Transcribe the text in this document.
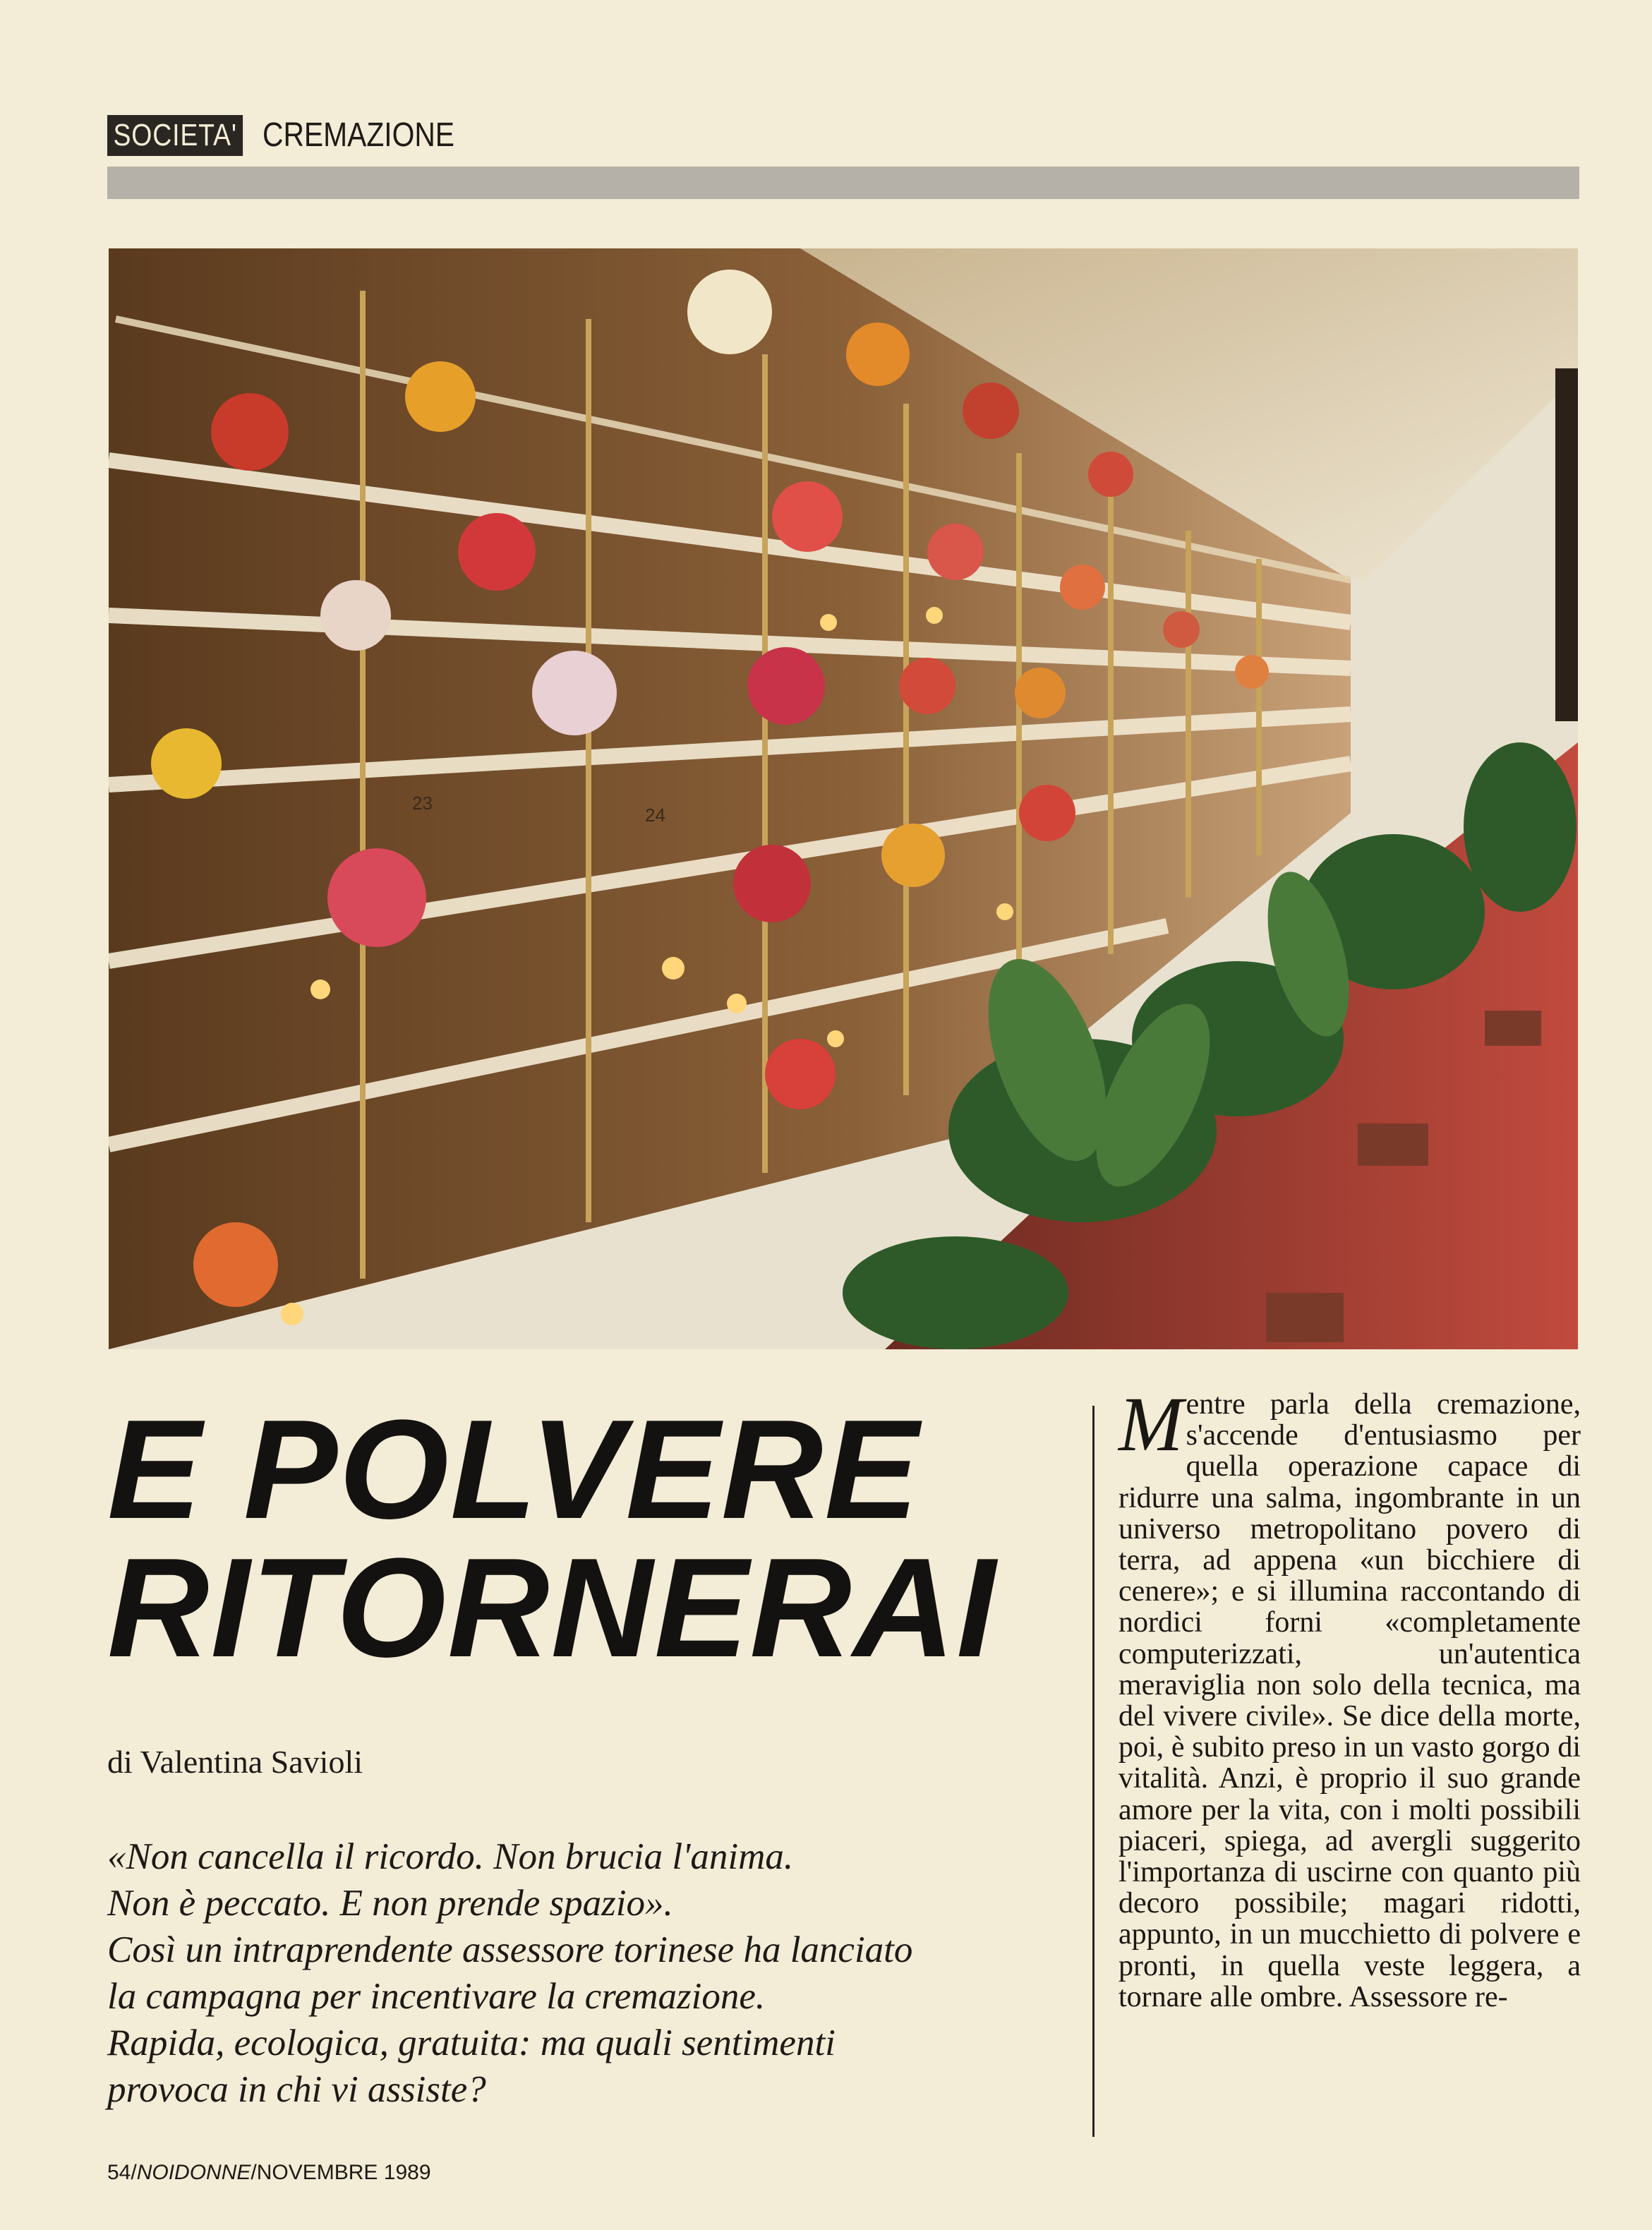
SOCIETA' CREMAZIONE
23
24
E POLVERE
RITORNERAI
di Valentina Savioli
«Non cancella il ricordo. Non brucia l'anima.
Non è peccato. E non prende spazio».
Così un intraprendente assessore torinese ha lanciato
la campagna per incentivare la cremazione.
Rapida, ecologica, gratuita: ma quali sentimenti
provoca in chi vi assiste?
Mentre parla della cremazione, s'accende d'entusiasmo per quella operazione capace di ridurre una salma, ingombrante in un universo metropolitano povero di terra, ad appena «un bicchiere di cenere»; e si illumina raccontando di nordici forni «completamente computerizzati, un'autentica meraviglia non solo della tecnica, ma del vivere civile». Se dice della morte, poi, è subito preso in un vasto gorgo di vitalità. Anzi, è proprio il suo grande amore per la vita, con i molti possibili piaceri, spiega, ad avergli suggerito l'importanza di uscirne con quanto più decoro possibile; magari ridotti, appunto, in un mucchietto di polvere e pronti, in quella veste leggera, a tornare alle ombre. Assessore re-
54/NOIDONNE/NOVEMBRE 1989
